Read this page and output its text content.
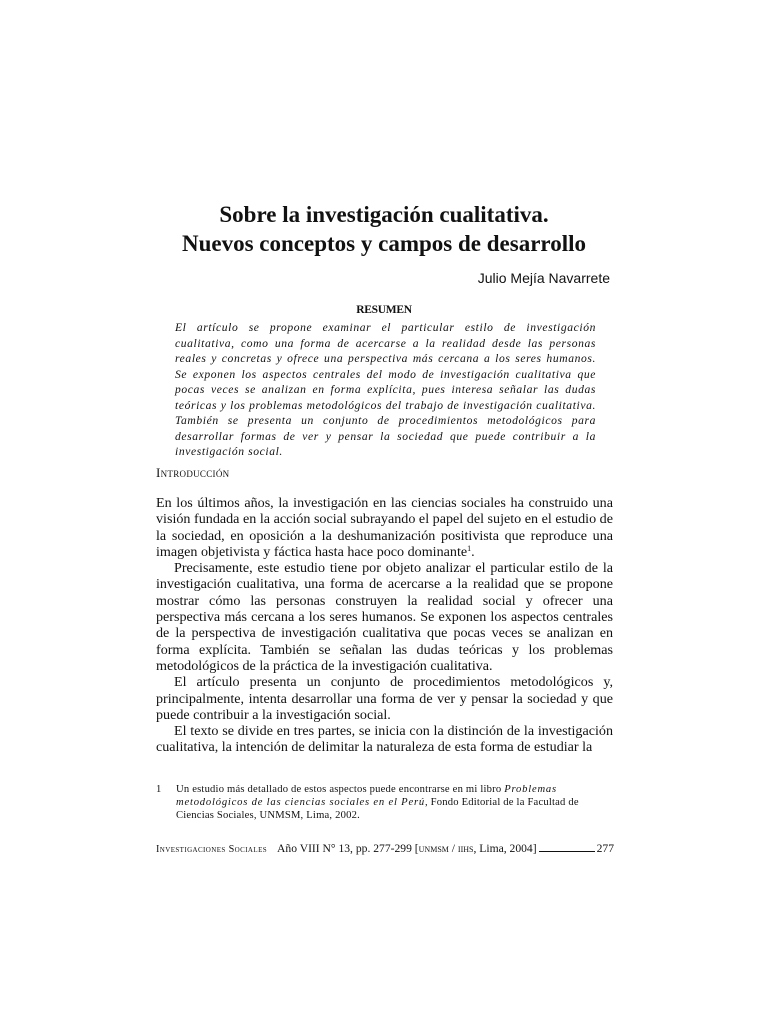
Sobre la investigación cualitativa.
Nuevos conceptos y campos de desarrollo
Julio Mejía Navarrete
RESUMEN

El artículo se propone examinar el particular estilo de investigación cualitativa, como una forma de acercarse a la realidad desde las personas reales y concretas y ofrece una perspectiva más cercana a los seres humanos. Se exponen los aspectos centrales del modo de investigación cualitativa que pocas veces se analizan en forma explícita, pues interesa señalar las dudas teóricas y los problemas metodológicos del trabajo de investigación cualitativa. También se presenta un conjunto de procedimientos metodológicos para desarrollar formas de ver y pensar la sociedad que puede contribuir a la investigación social.

Introducción

En los últimos años, la investigación en las ciencias sociales ha construido una visión fundada en la acción social subrayando el papel del sujeto en el estudio de la sociedad, en oposición a la deshumanización positivista que reproduce una imagen objetivista y fáctica hasta hace poco dominante$^1$.

Precisamente, este estudio tiene por objeto analizar el particular estilo de la investigación cualitativa, una forma de acercarse a la realidad que se propone mostrar cómo las personas construyen la realidad social y ofrecer una perspectiva más cercana a los seres humanos. Se exponen los aspectos centrales de la perspectiva de investigación cualitativa que pocas veces se analizan en forma explícita. También se señalan las dudas teóricas y los problemas metodológicos de la práctica de la investigación cualitativa.

El artículo presenta un conjunto de procedimientos metodológicos y, principalmente, intenta desarrollar una forma de ver y pensar la sociedad y que puede contribuir a la investigación social.

El texto se divide en tres partes, se inicia con la distinción de la investigación cualitativa, la intención de delimitar la naturaleza de esta forma de estudiar la

1	Un estudio más detallado de estos aspectos puede encontrarse en mi libro Problemas metodológicos de las ciencias sociales en el Perú, Fondo Editorial de la Facultad de Ciencias Sociales, UNMSM, Lima, 2002.
Investigaciones Sociales Año VIII N° 13, pp. 277-299 [ unmsm / iihs , Lima, 2004]	277
